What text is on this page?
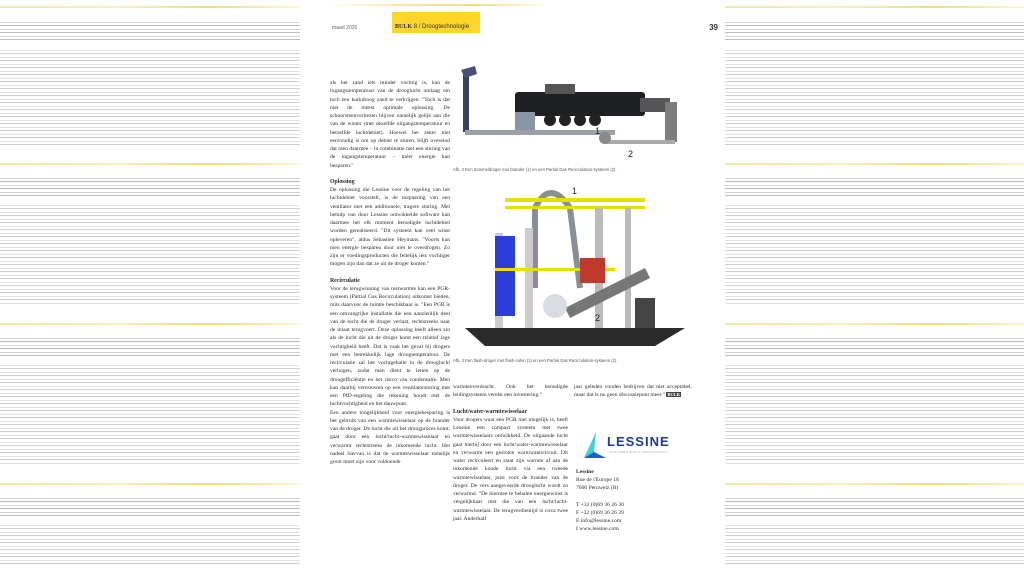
maart 2020	BULK 8 / Droogtechnologie	39

als het zand iets minder vochtig is, kan de ingangstemperatuur van de drooglucht omlaag om toch een kurkdroog zand te verkrijgen. "Toch is dat niet de meest optimale oplossing. De schoorsteenverliezen blijven namelijk gelijk aan die van de winter (met dezelfde uitgangstemperatuur en hetzelfde luchtdebiet). Hoewel het zeker niet eenvoudig is om op debiet te sturen, blijft overeind dat men daarmee – in combinatie met een sturing van de ingangstemperatuur – méér energie kan besparen."

Oplossing

De oplossing die Lessine voor de regeling van het luchtdebiet voorstelt, is de toepassing van een ventilator met een additionele, tragere sturing. Met behulp van door Lessine ontwikkelde software kan daarmee het elk moment benodigde luchtdebiet worden gerealiseerd. "Dit systeem kan veel winst opleveren", aldus Sébastien Heymans. "Voorts kan men energie besparen door niet te overdrogen. Zo zijn er voedingsproducten die feitelijk iets vochtiger mogen zijn dan dat ze uit de droger komen."

Recirculatie

Voor de terugwinning van restwarmte kan een PGR-systeem (Partial Gas Recirculation) uitkomst bieden, mits daarvoor de ruimte beschikbaar is. "Een PGR is een omvangrijke installatie die een aanzienlijk deel van de lucht die de droger verlaat, rechtstreeks naar de inlaat terugvoert. Deze oplossing heeft alleen zin als de lucht die uit de droger komt een relatief lage vochtigheid heeft. Dat is vaak het geval bij drogers met een betrekkelijk lage droogtemperatuur. De recirculatie zal het vochtgehalte in de drooglucht verhogen, zodat men dient te letten op de droogefficiëntie en het risico van condensatie. Men kan daarbij vertrouwen op een ventilatorsturing met een PID-regeling die rekening houdt met de luchtvochtigheid en het dauwpunt.

Een andere mogelijkheid voor energiebesparing is het gebruik van een warmtewisselaar op de brander van de droger. De lucht die uit het droogproces komt, gaat door een lucht/lucht-warmtewisselaar en verwarmt rechtstreeks de inkomende lucht. Het nadeel hiervan is dat de warmtewisselaar tamelijk groot moet zijn voor voldoende

1
2
Afb. 2 Een trommeldroger met brander (1) en een Partial Gas Recirculation-systeem (2).
1
2
Afb. 3 Een flash-droger met flash-colon (1) en een Partial Gas Recirculation-systeem (2)

warmteoverdracht. Ook het benodigde leidingsysteem vereist een investering."

Lucht/water-warmtewisselaar

Voor drogers waar een PGR niet mogelijk is, heeft Lessine een compact systeem met twee warmtewisselaars ontwikkeld. De uitgaande lucht gaat hierbij door een lucht/water-warmtewisselaar en verwarmt een gesloten warmwatercircuit. Dit water recirculeert en staat zijn warmte af aan de inkomende koude lucht via een tweede warmtewisselaar, juist voor de brander van de droger. De vers aangevoerde drooglucht wordt zo verwarmd. "De hiermee te behalen energiewinst is vergelijkbaar met die van een lucht/lucht-warmtewisselaar. De terugverdientijd is circa twee jaar. Anderhalf

jaar geleden vonden bedrijven dat niet acceptabel, maar dat is nu geen discussiepunt meer." BULK

LESSINE
TAILORED BULK TECHNOLOGY
Lessine
Rue de l'Europe 18
7600 Peruwelz (B)
T +32 (0)69 36 26 30
F +32 (0)69 36 26 39
E info@lessine.com
I www.lessine.com
